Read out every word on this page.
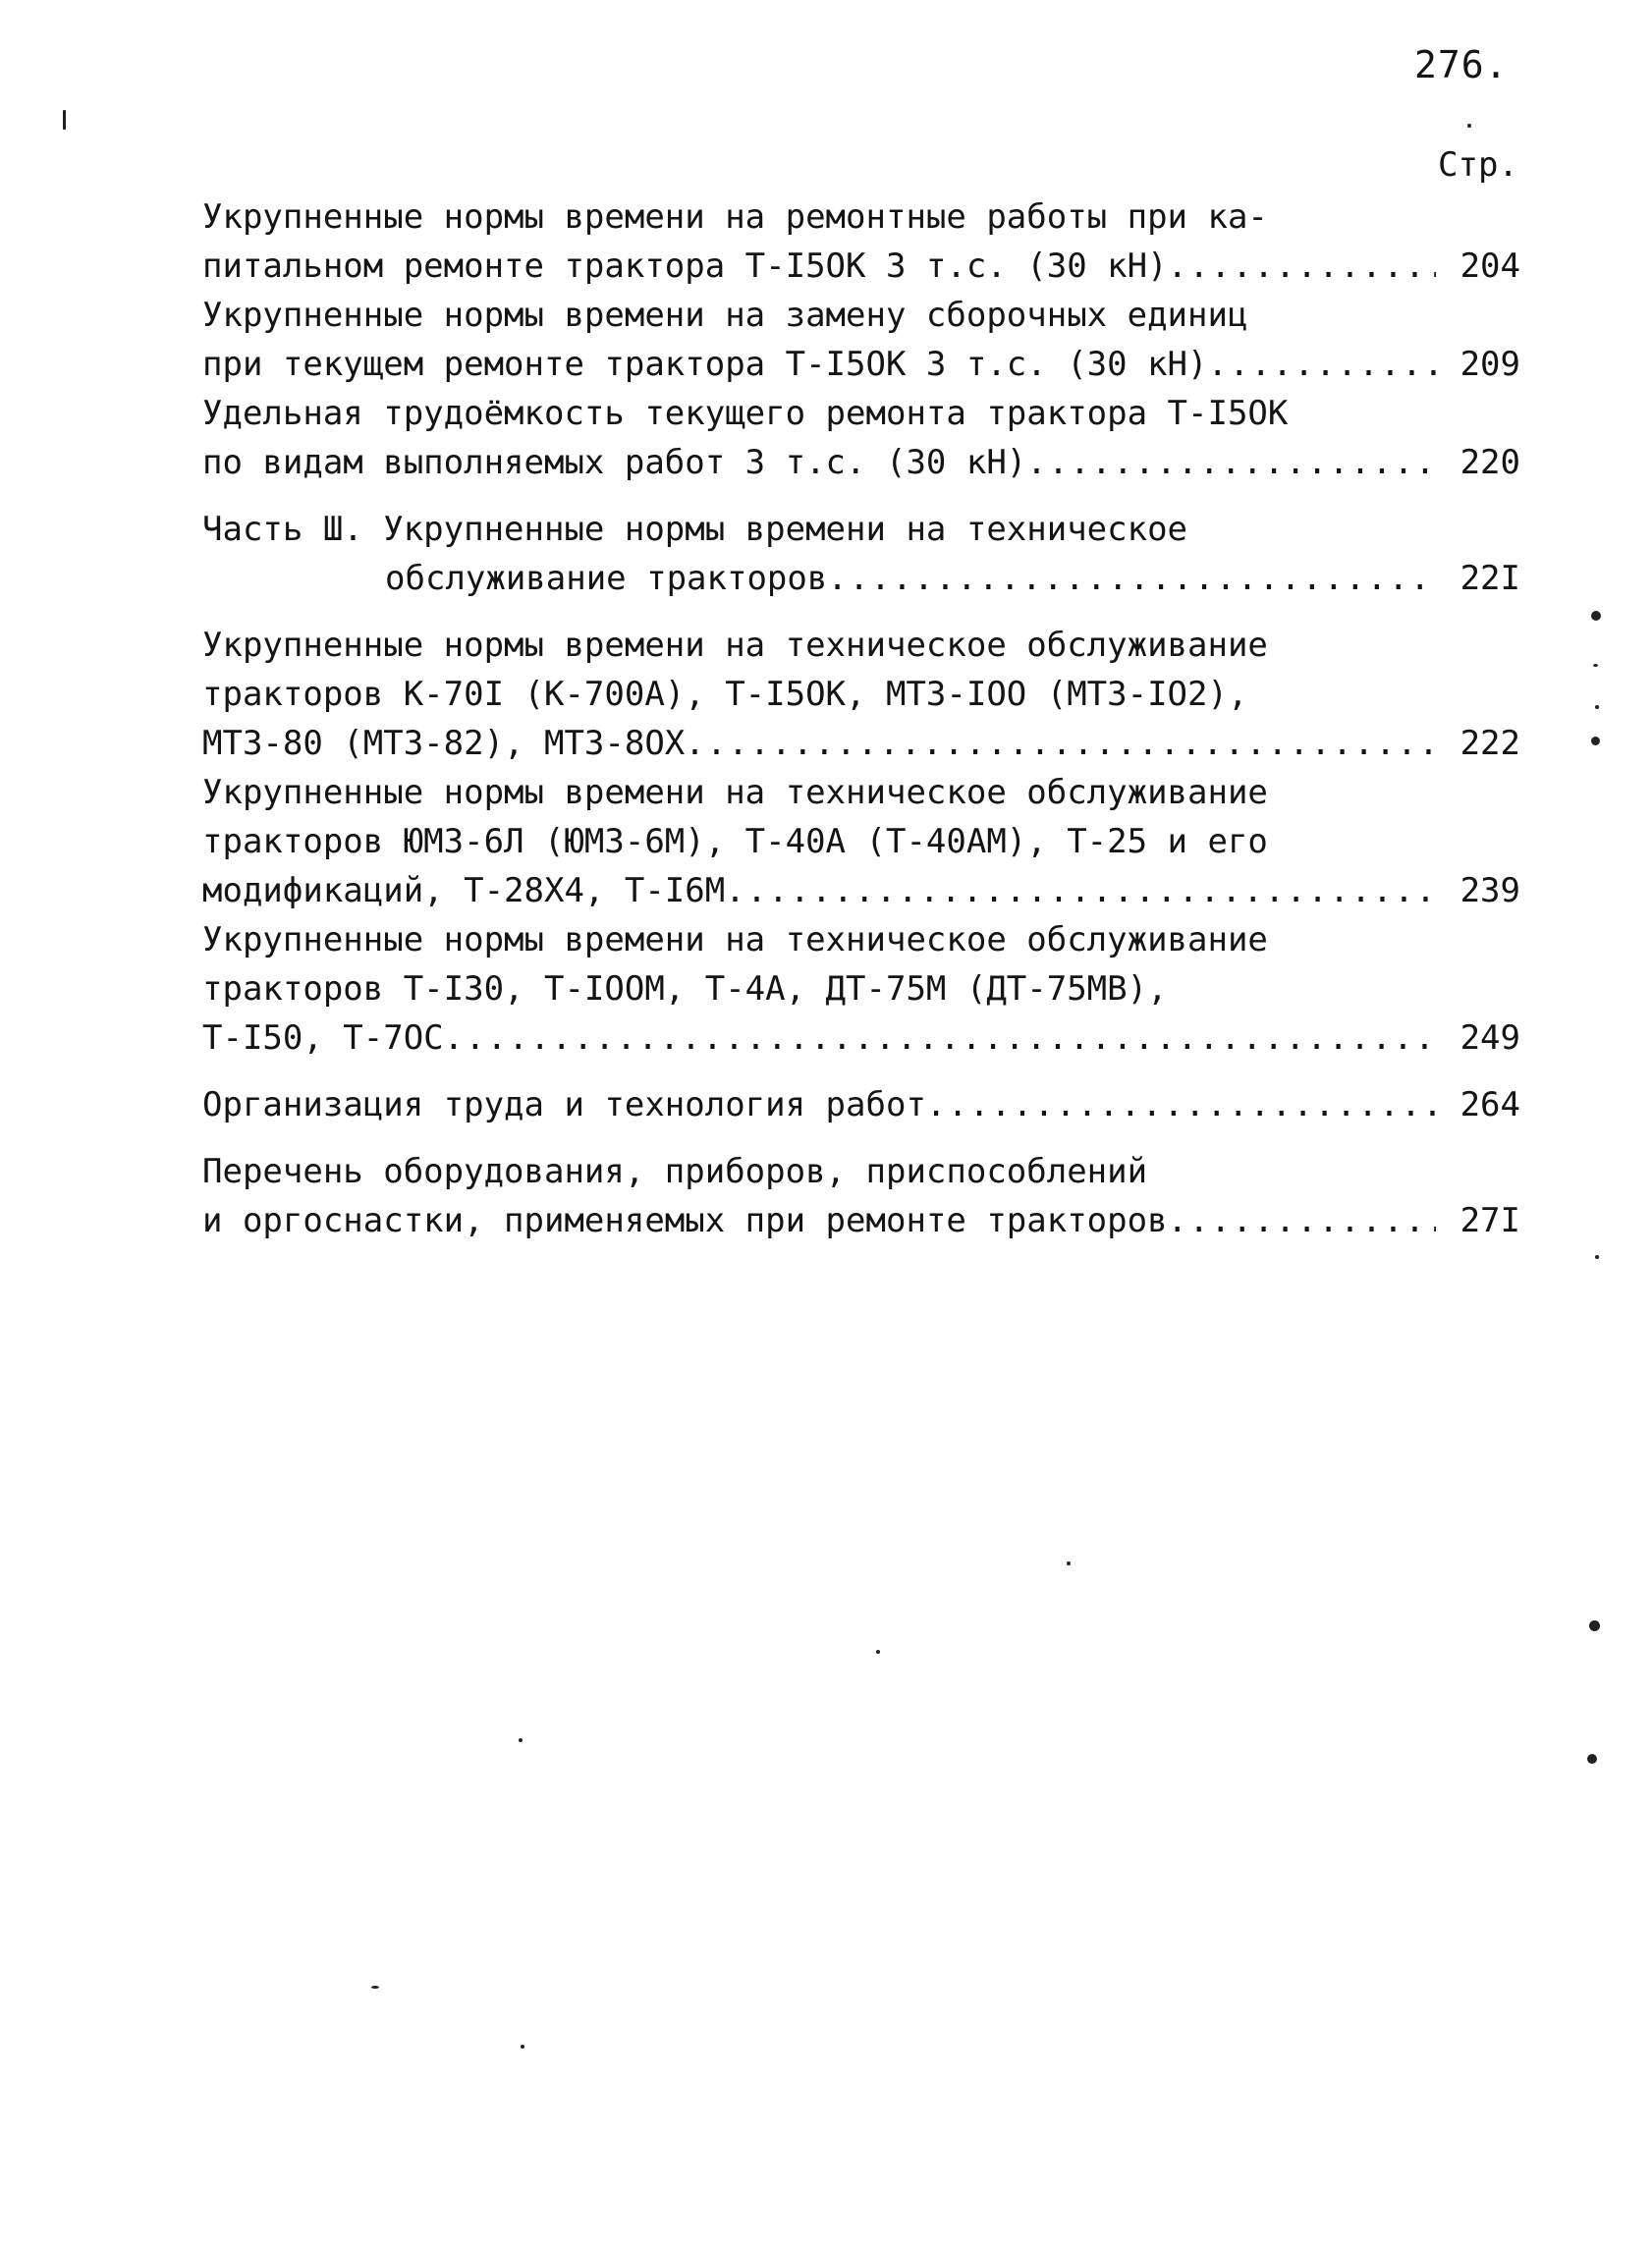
276.
Стр.
Укрупненные нормы времени на ремонтные работы при ка-
питальном ремонте трактора Т-І5ОК 3 т.с. (30 кН) .....	204
Укрупненные нормы времени на замену сборочных единиц
при текущем ремонте трактора Т-І5ОК 3 т.с. (30 кН) .....	209
Удельная трудоёмкость текущего ремонта трактора Т-І5ОК
по видам выполняемых работ 3 т.с. (30 кН) .....	220
Часть Ш. Укрупненные нормы времени на техническое
обслуживание тракторов .....	22I
Укрупненные нормы времени на техническое обслуживание
тракторов К-70І (К-700А), Т-І5ОК, МТЗ-ІОО (МТЗ-ІО2),
МТЗ-80 (МТЗ-82), МТЗ-8ОХ .....	222
Укрупненные нормы времени на техническое обслуживание
тракторов ЮМЗ-6Л (ЮМЗ-6М), Т-40А (Т-40АМ), Т-25 и его
модификаций, Т-28Х4, Т-І6М .....	239
Укрупненные нормы времени на техническое обслуживание
тракторов Т-І30, Т-ІООМ, Т-4А, ДТ-75М (ДТ-75МВ),
Т-І50, Т-7ОС .....	249
Организация труда и технология работ .....	264
Перечень оборудования, приборов, приспособлений
и оргоснастки, применяемых при ремонте тракторов .....	27I
